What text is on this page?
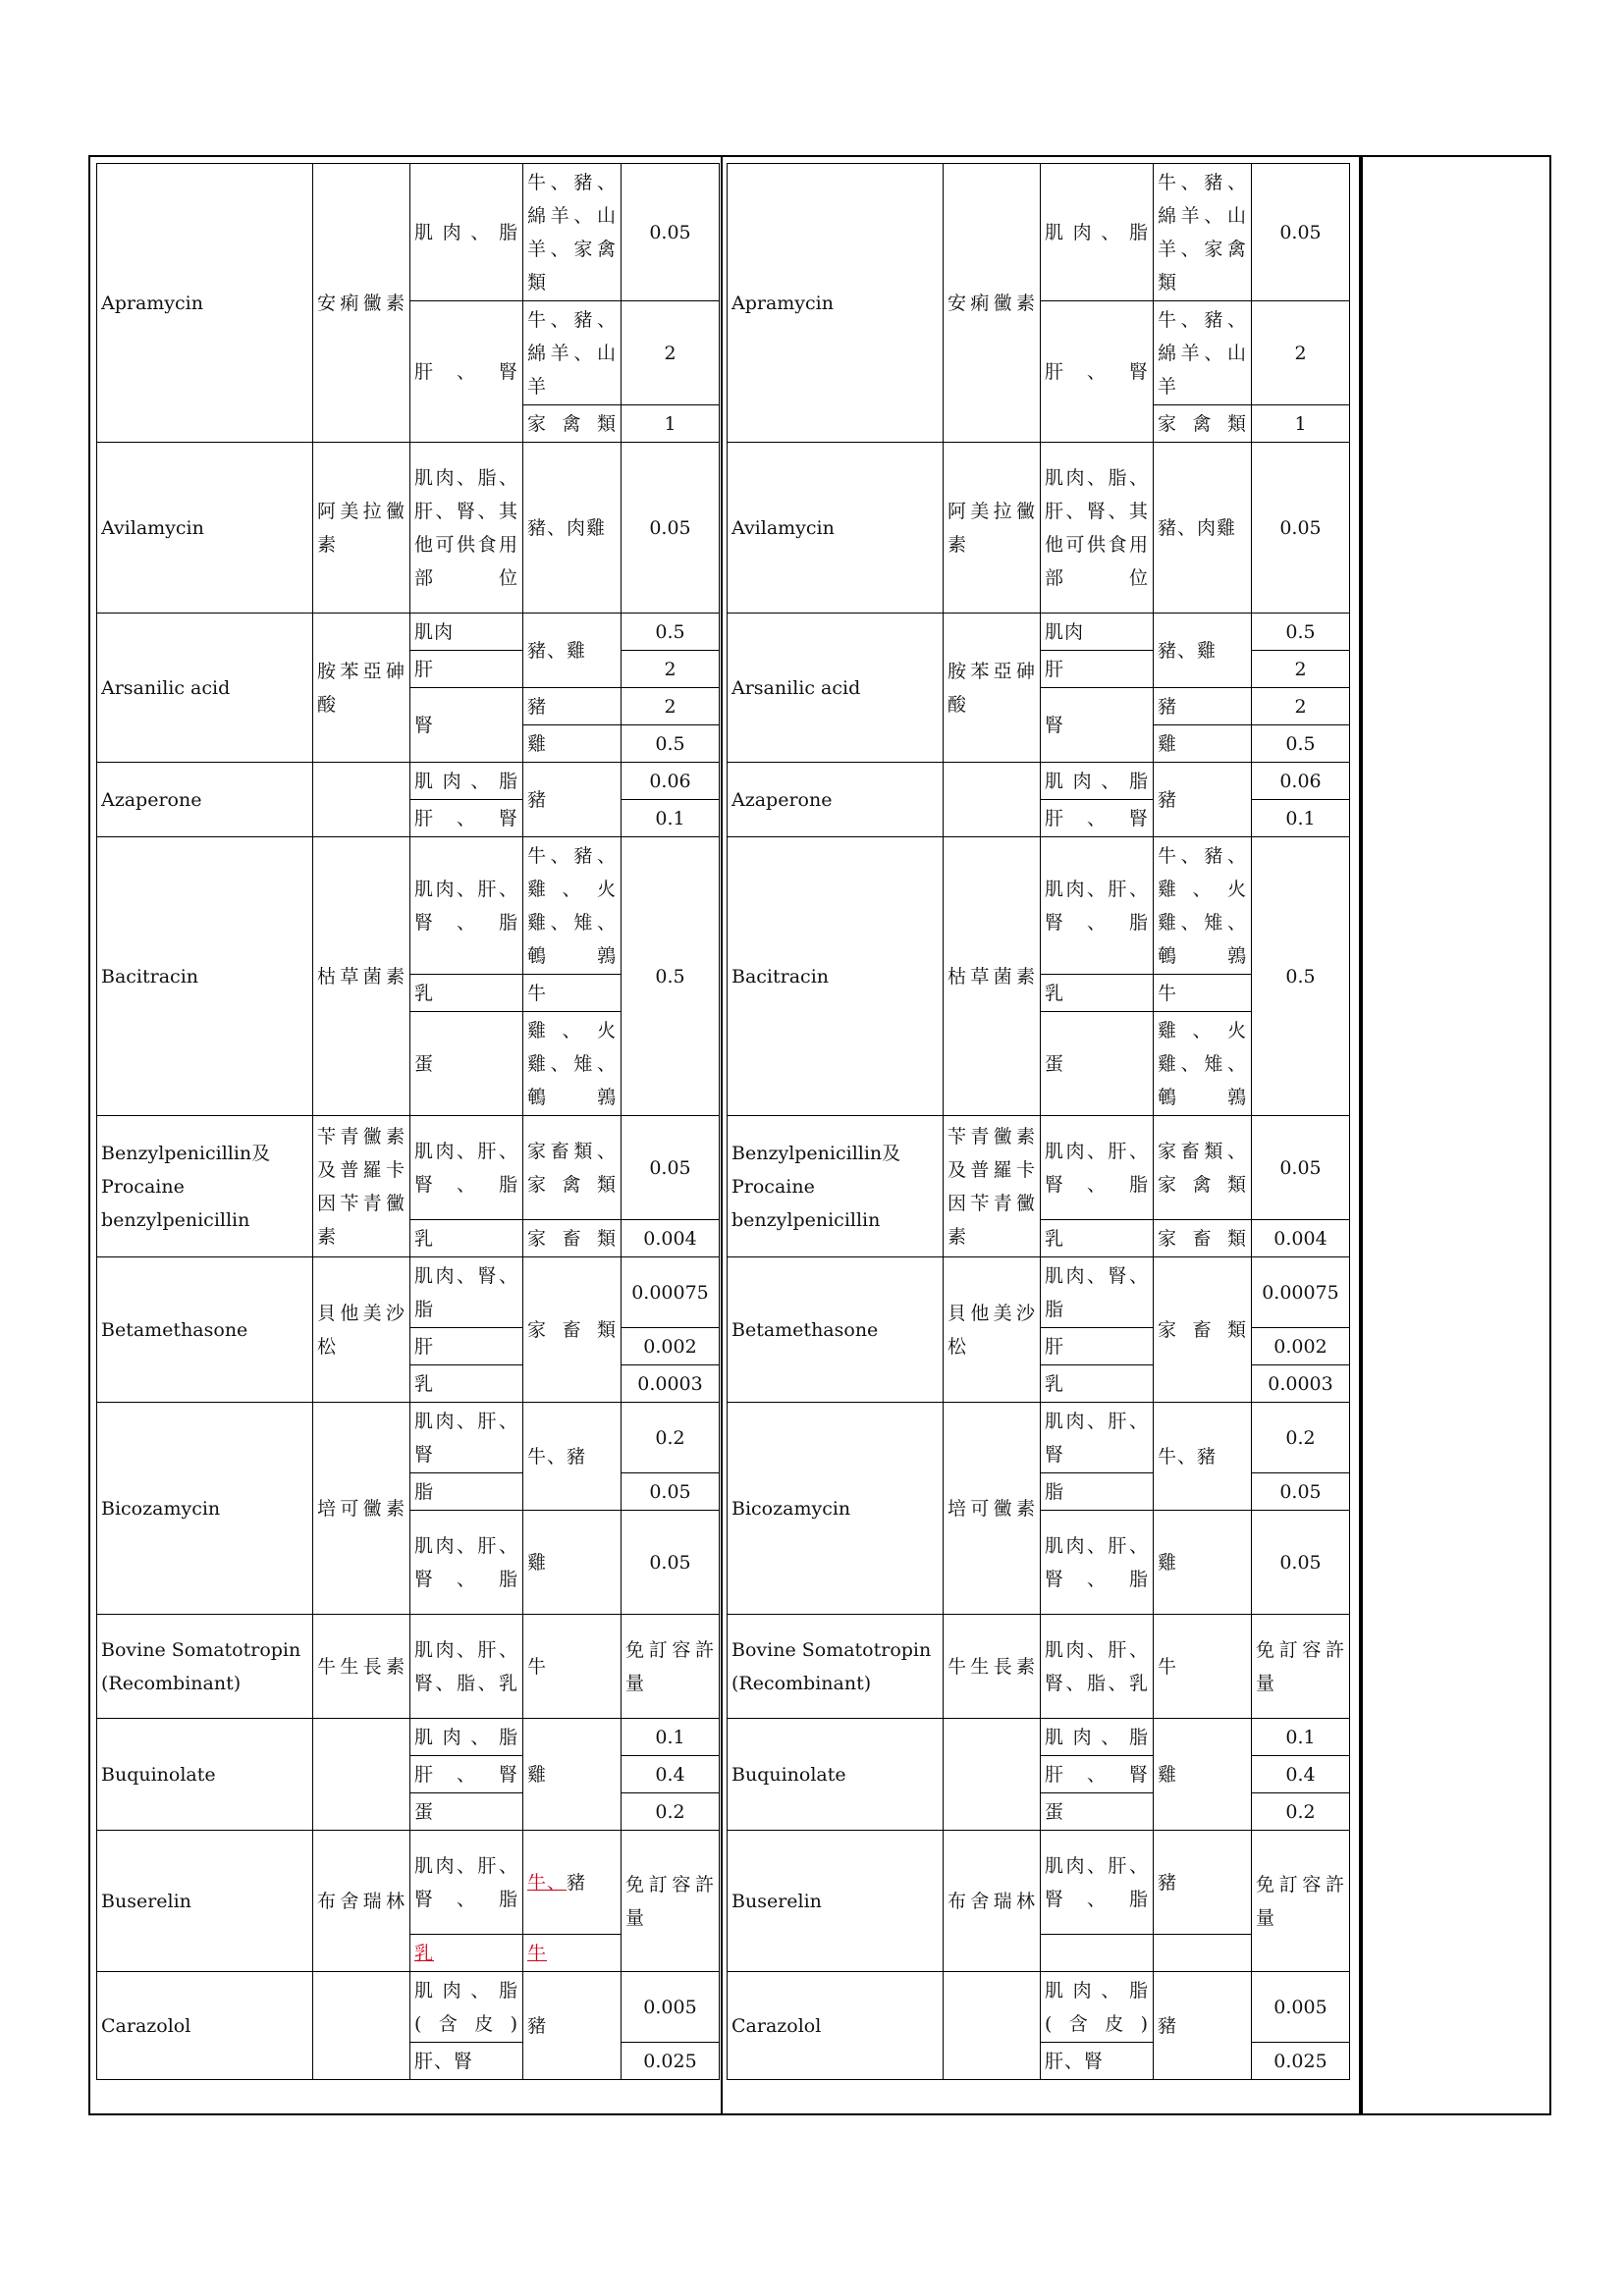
Apramycin	安痢黴素	肌肉、脂	牛、豬、綿羊、山羊、家禽類	0.05
		肝、腎	牛、豬、綿羊、山羊	2
			家禽類	1
Avilamycin	阿美拉黴素	肌肉、脂、肝、腎、其他可供食用部位	豬、肉雞	0.05
Arsanilic acid	胺苯亞砷酸	肌肉	豬、雞	0.5
		肝		2
		腎	豬	2
			雞	0.5
Azaperone		肌肉、脂	豬	0.06
		肝、腎		0.1
Bacitracin	枯草菌素	肌肉、肝、腎、脂	牛、豬、雞、火雞、雉、鵪鶉	0.5
		乳	牛	
		蛋	雞、火雞、雉、鵪鶉	
Benzylpenicillin及Procaine benzylpenicillin	苄青黴素及普羅卡因苄青黴素	肌肉、肝、腎、脂	家畜類、家禽類	0.05
		乳	家畜類	0.004
Betamethasone	貝他美沙松	肌肉、腎、脂	家畜類	0.00075
		肝		0.002
		乳		0.0003
Bicozamycin	培可黴素	肌肉、肝、腎	牛、豬	0.2
		脂		0.05
		肌肉、肝、腎、脂	雞	0.05
Bovine Somatotropin (Recombinant)	牛生長素	肌肉、肝、腎、脂、乳	牛	免訂容許量
Buquinolate		肌肉、脂	雞	0.1
		肝、腎		0.4
		蛋		0.2
Buserelin	布舍瑞林	肌肉、肝、腎、脂	牛、豬	免訂容許量
		乳	牛	
Carazolol		肌肉、脂(含皮)	豬	0.005
		肝、腎		0.025
Apramycin	安痢黴素	肌肉、脂	牛、豬、綿羊、山羊、家禽類	0.05
		肝、腎	牛、豬、綿羊、山羊	2
			家禽類	1
Avilamycin	阿美拉黴素	肌肉、脂、肝、腎、其他可供食用部位	豬、肉雞	0.05
Arsanilic acid	胺苯亞砷酸	肌肉	豬、雞	0.5
		肝		2
		腎	豬	2
			雞	0.5
Azaperone		肌肉、脂	豬	0.06
		肝、腎		0.1
Bacitracin	枯草菌素	肌肉、肝、腎、脂	牛、豬、雞、火雞、雉、鵪鶉	0.5
		乳	牛	
		蛋	雞、火雞、雉、鵪鶉	
Benzylpenicillin及Procaine benzylpenicillin	苄青黴素及普羅卡因苄青黴素	肌肉、肝、腎、脂	家畜類、家禽類	0.05
		乳	家畜類	0.004
Betamethasone	貝他美沙松	肌肉、腎、脂	家畜類	0.00075
		肝		0.002
		乳		0.0003
Bicozamycin	培可黴素	肌肉、肝、腎	牛、豬	0.2
		脂		0.05
		肌肉、肝、腎、脂	雞	0.05
Bovine Somatotropin (Recombinant)	牛生長素	肌肉、肝、腎、脂、乳	牛	免訂容許量
Buquinolate		肌肉、脂	雞	0.1
		肝、腎		0.4
		蛋		0.2
Buserelin	布舍瑞林	肌肉、肝、腎、脂	豬	免訂容許量

Carazolol		肌肉、脂(含皮)	豬	0.005
		肝、腎		0.025
